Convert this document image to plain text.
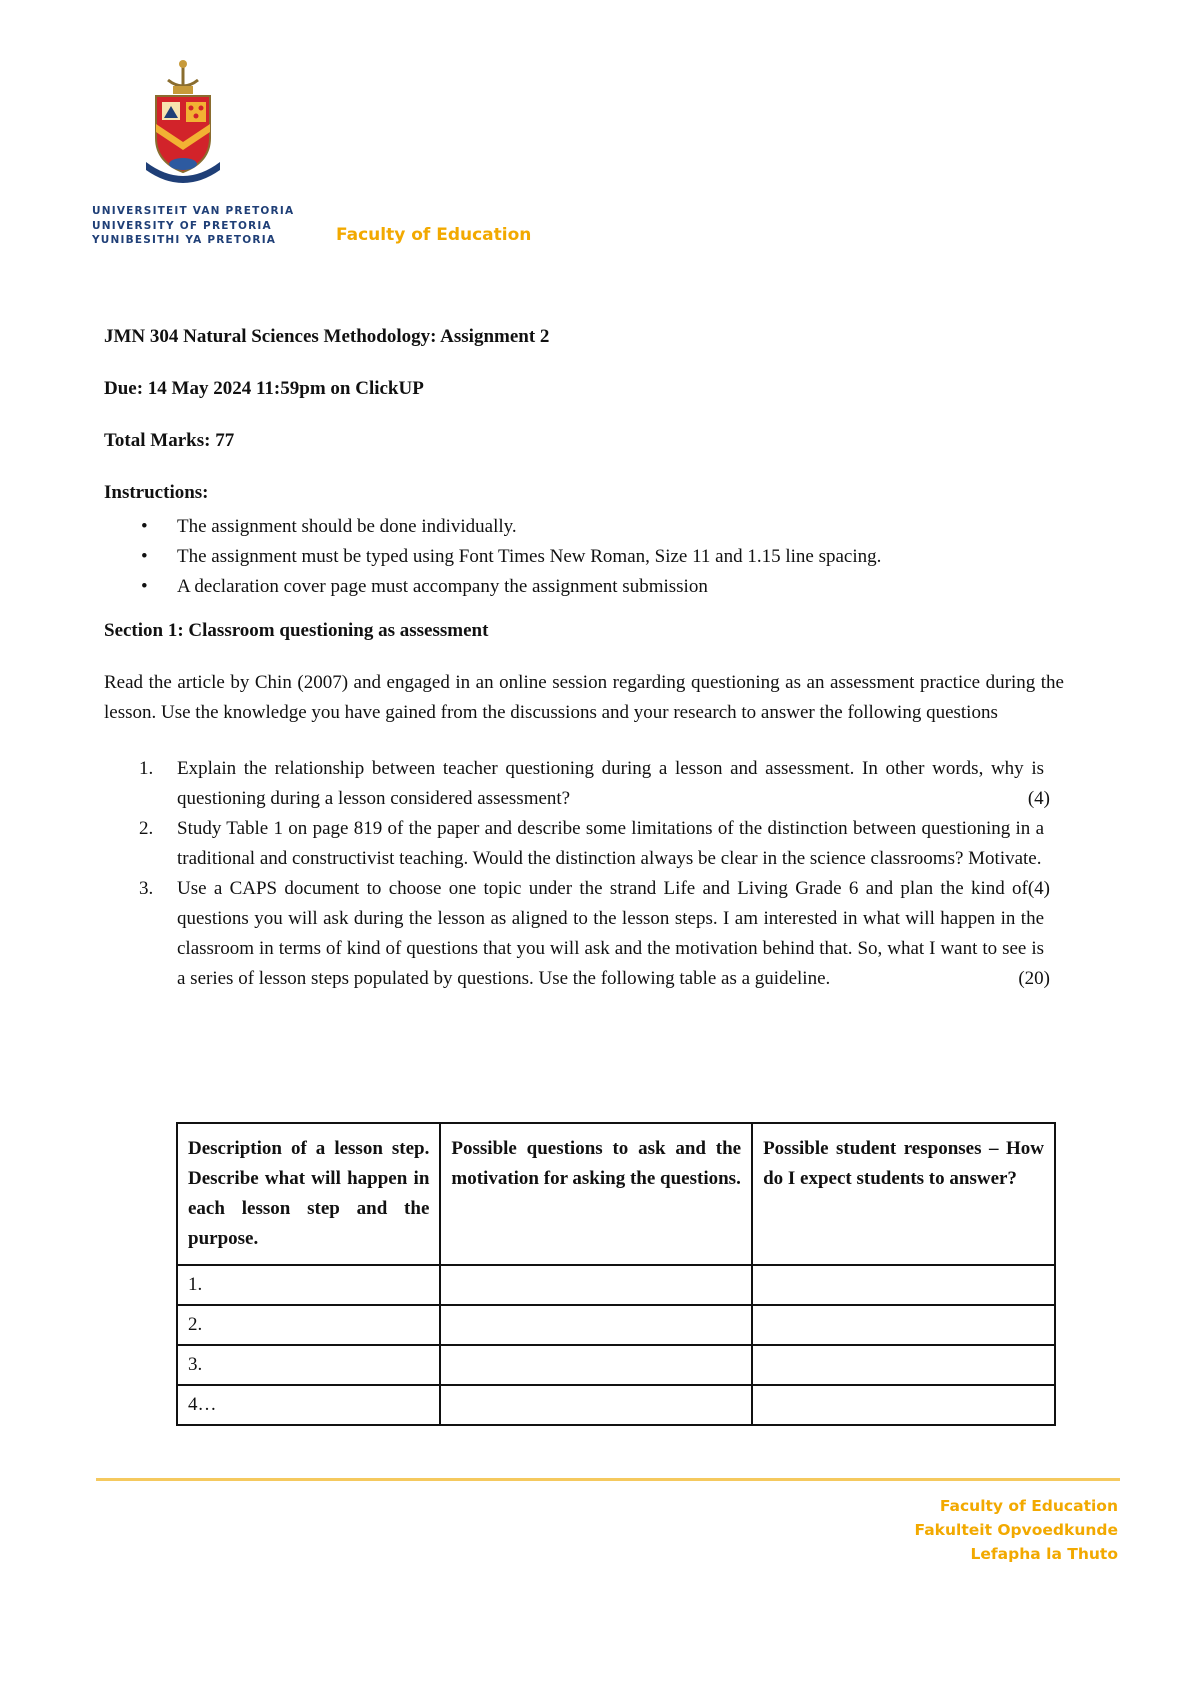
UNIVERSITEIT VAN PRETORIA
UNIVERSITY OF PRETORIA
YUNIBESITHI YA PRETORIA	Faculty of Education

JMN 304 Natural Sciences Methodology: Assignment 2

Due: 14 May 2024 11:59pm on ClickUP

Total Marks: 77

Instructions:

• The assignment should be done individually.
• The assignment must be typed using Font Times New Roman, Size 11 and 1.15 line spacing.
• A declaration cover page must accompany the assignment submission

Section 1: Classroom questioning as assessment

Read the article by Chin (2007) and engaged in an online session regarding questioning as an assessment practice during the lesson. Use the knowledge you have gained from the discussions and your research to answer the following questions

1. Explain the relationship between teacher questioning during a lesson and assessment. In other words, why is questioning during a lesson considered assessment?	(4)
2. Study Table 1 on page 819 of the paper and describe some limitations of the distinction between questioning in a traditional and constructivist teaching. Would the distinction always be clear in the science classrooms? Motivate.
(4)
3. Use a CAPS document to choose one topic under the strand Life and Living Grade 6 and plan the kind of questions you will ask during the lesson as aligned to the lesson steps. I am interested in what will happen in the classroom in terms of kind of questions that you will ask and the motivation behind that. So, what I want to see is a series of lesson steps populated by questions. Use the following table as a guideline.	(20)
Description of a lesson step. Describe what will happen in each lesson step and the purpose.	Possible questions to ask and the motivation for asking the questions.	Possible student responses – How do I expect students to answer?
1.		
2.		
3.		
4…		
Faculty of Education
Fakulteit Opvoedkunde
Lefapha la Thuto
